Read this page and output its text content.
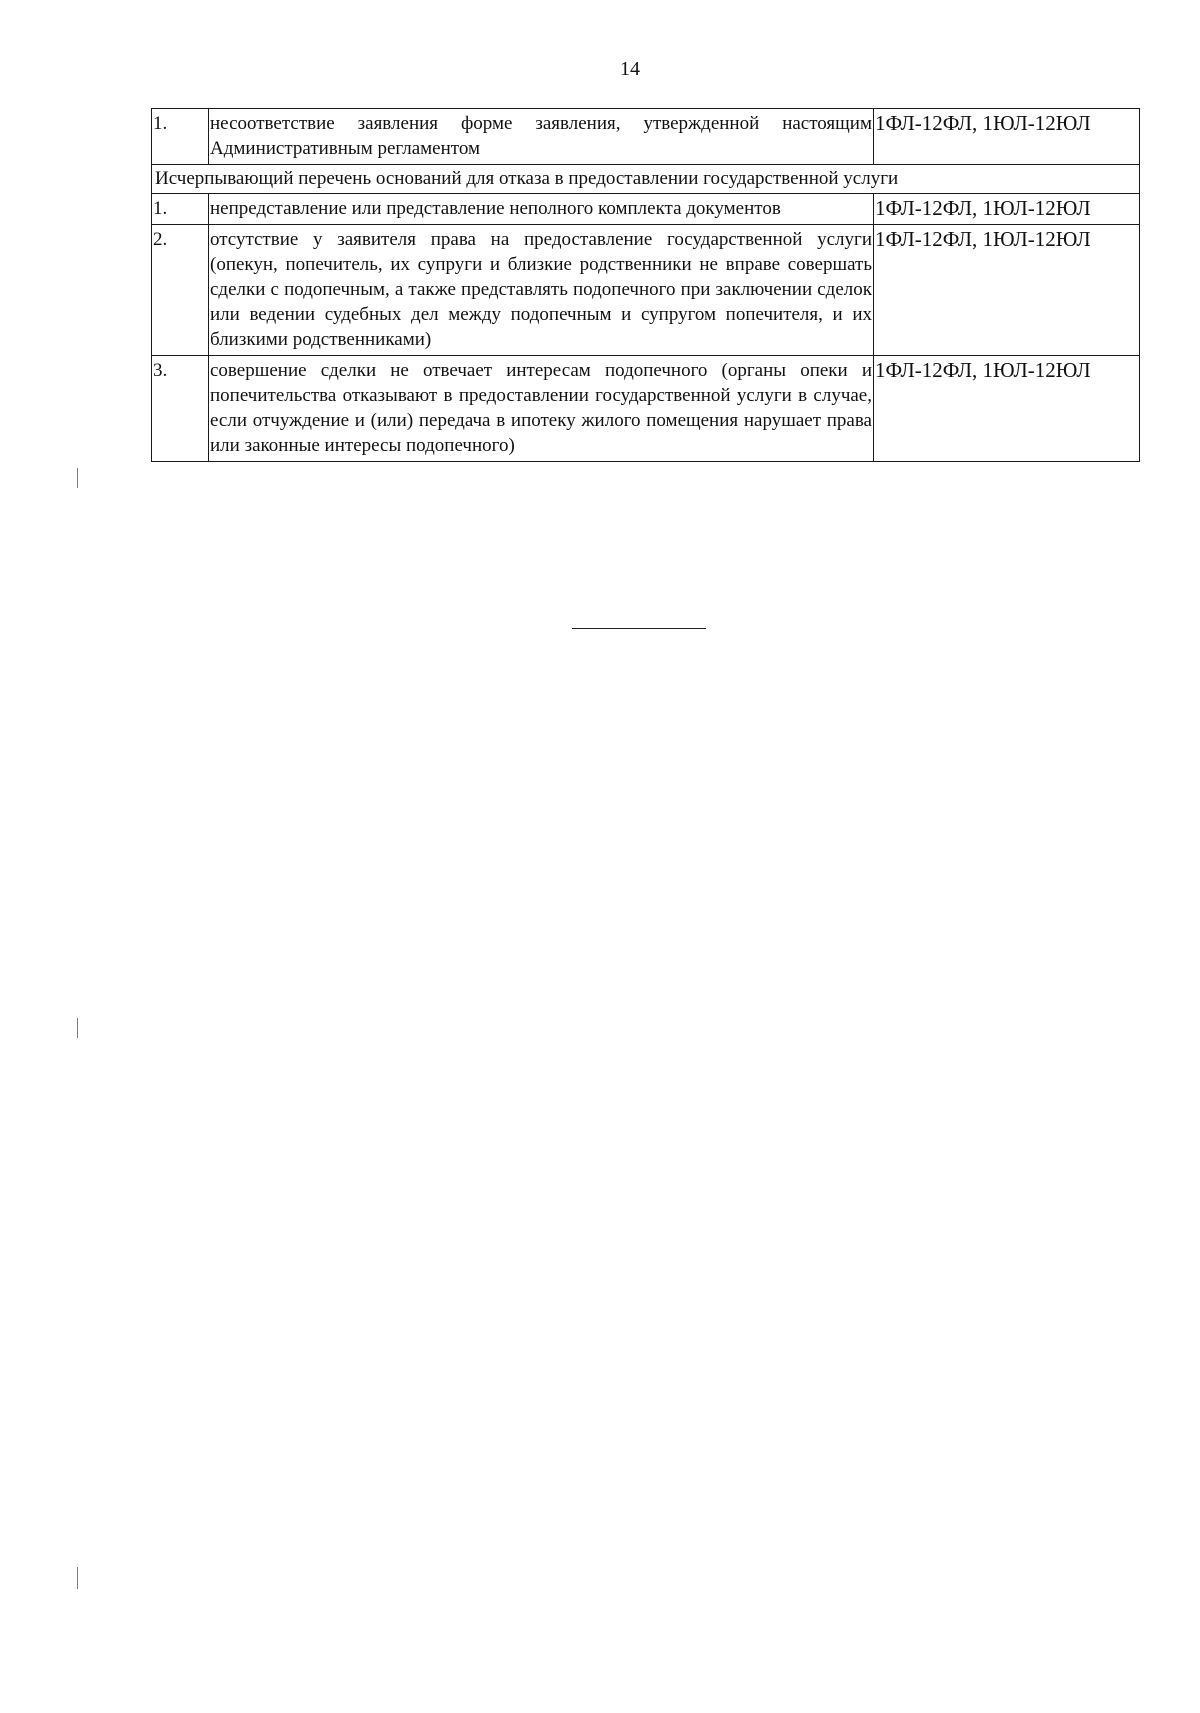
14
1.	несоответствие заявления форме заявления, утвержденной настоящим Административным регламентом	1ФЛ-12ФЛ, 1ЮЛ-12ЮЛ
Исчерпывающий перечень оснований для отказа в предоставлении государственной услуги		
1.	непредставление или представление неполного комплекта документов	1ФЛ-12ФЛ, 1ЮЛ-12ЮЛ
2.	отсутствие у заявителя права на предоставление государственной услуги (опекун, попечитель, их супруги и близкие родственники не вправе совершать сделки с подопечным, а также представлять подопечного при заключении сделок или ведении судебных дел между подопечным и супругом попечителя, и их близкими родственниками)	1ФЛ-12ФЛ, 1ЮЛ-12ЮЛ
3.	совершение сделки не отвечает интересам подопечного (органы опеки и попечительства отказывают в предоставлении государственной услуги в случае, если отчуждение и (или) передача в ипотеку жилого помещения нарушает права или законные интересы подопечного)	1ФЛ-12ФЛ, 1ЮЛ-12ЮЛ
